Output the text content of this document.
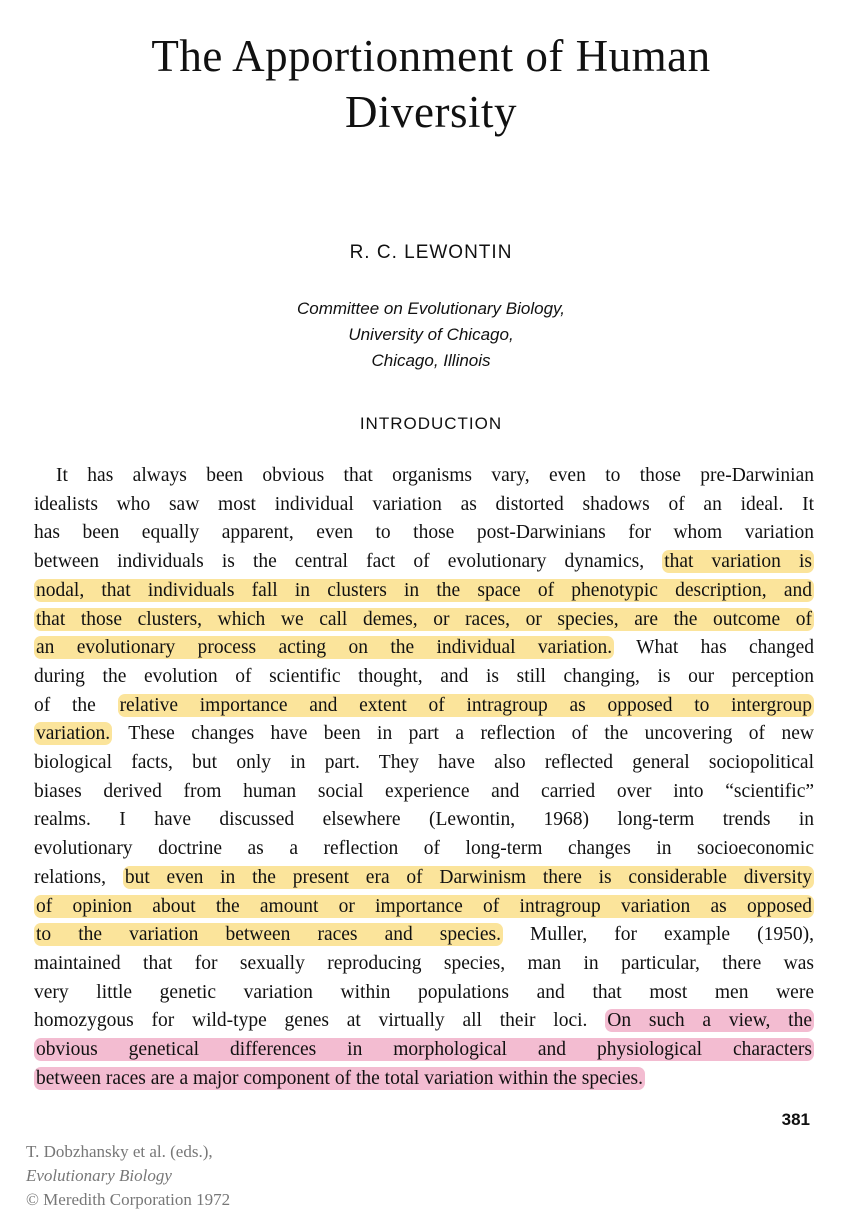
The Apportionment of Human
Diversity
R. C. LEWONTIN
Committee on Evolutionary Biology,
University of Chicago,
Chicago, Illinois
INTRODUCTION
It has always been obvious that organisms vary, even to those pre-Darwinian
idealists who saw most individual variation as distorted shadows of an ideal. It
has been equally apparent, even to those post-Darwinians for whom variation
between individuals is the central fact of evolutionary dynamics, that variation is
nodal, that individuals fall in clusters in the space of phenotypic description, and
that those clusters, which we call demes, or races, or species, are the outcome of
an evolutionary process acting on the individual variation. What has changed
during the evolution of scientific thought, and is still changing, is our perception
of the relative importance and extent of intragroup as opposed to intergroup
variation. These changes have been in part a reflection of the uncovering of new
biological facts, but only in part. They have also reflected general sociopolitical
biases derived from human social experience and carried over into “scientific”
realms. I have discussed elsewhere (Lewontin, 1968) long-term trends in
evolutionary doctrine as a reflection of long-term changes in socioeconomic
relations, but even in the present era of Darwinism there is considerable diversity
of opinion about the amount or importance of intragroup variation as opposed
to the variation between races and species. Muller, for example (1950),
maintained that for sexually reproducing species, man in particular, there was
very little genetic variation within populations and that most men were
homozygous for wild-type genes at virtually all their loci. On such a view, the
obvious genetical differences in morphological and physiological characters
between races are a major component of the total variation within the species.
381
T. Dobzhansky et al. (eds.),
Evolutionary Biology
© Meredith Corporation 1972
